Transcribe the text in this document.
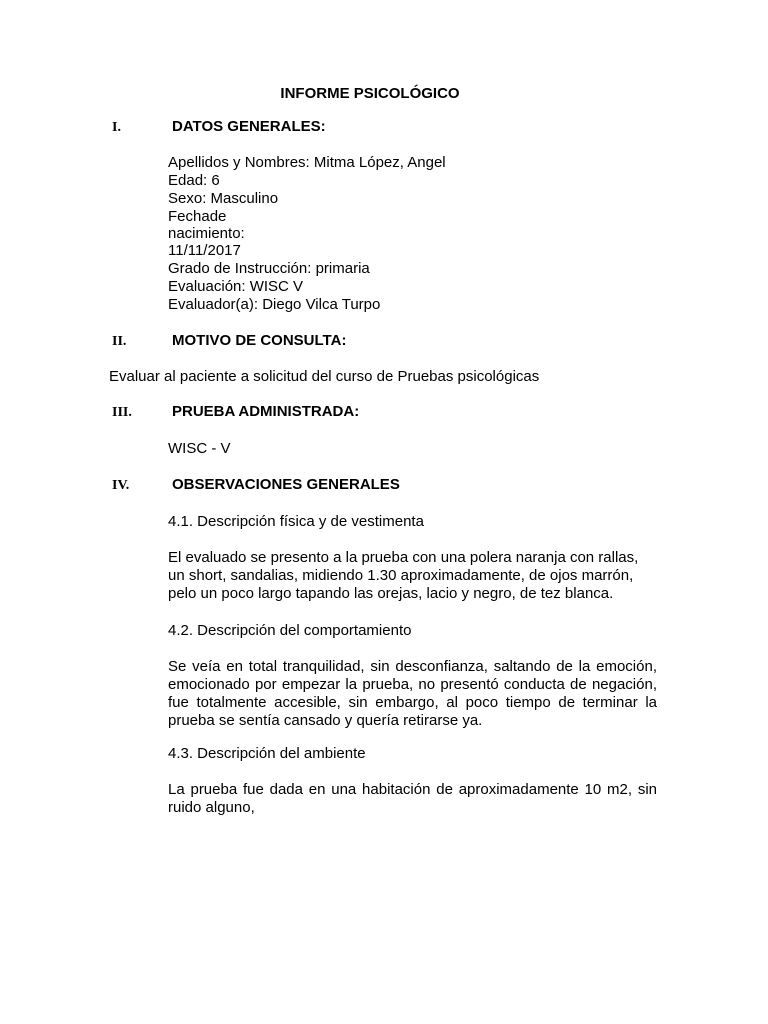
INFORME PSICOLÓGICO
I.	DATOS GENERALES:
Apellidos y Nombres: Mitma López, Angel
Edad: 6
Sexo: Masculino
Fechade
nacimiento:
11/11/2017
Grado de Instrucción: primaria
Evaluación: WISC V
Evaluador(a): Diego Vilca Turpo
II.	MOTIVO DE CONSULTA:
Evaluar al paciente a solicitud del curso de Pruebas psicológicas
III.	PRUEBA ADMINISTRADA:
WISC - V
IV.	OBSERVACIONES GENERALES
4.1. Descripción física y de vestimenta
El evaluado se presento a la prueba con una polera naranja con rallas, un short, sandalias, midiendo 1.30 aproximadamente, de ojos marrón, pelo un poco largo tapando las orejas, lacio y negro, de tez blanca.
4.2. Descripción del comportamiento
Se veía en total tranquilidad, sin desconfianza, saltando de la emoción, emocionado por empezar la prueba, no presentó conducta de negación, fue totalmente accesible, sin embargo, al poco tiempo de terminar la prueba se sentía cansado y quería retirarse ya.
4.3. Descripción del ambiente
La prueba fue dada en una habitación de aproximadamente 10 m2, sin ruido alguno,
